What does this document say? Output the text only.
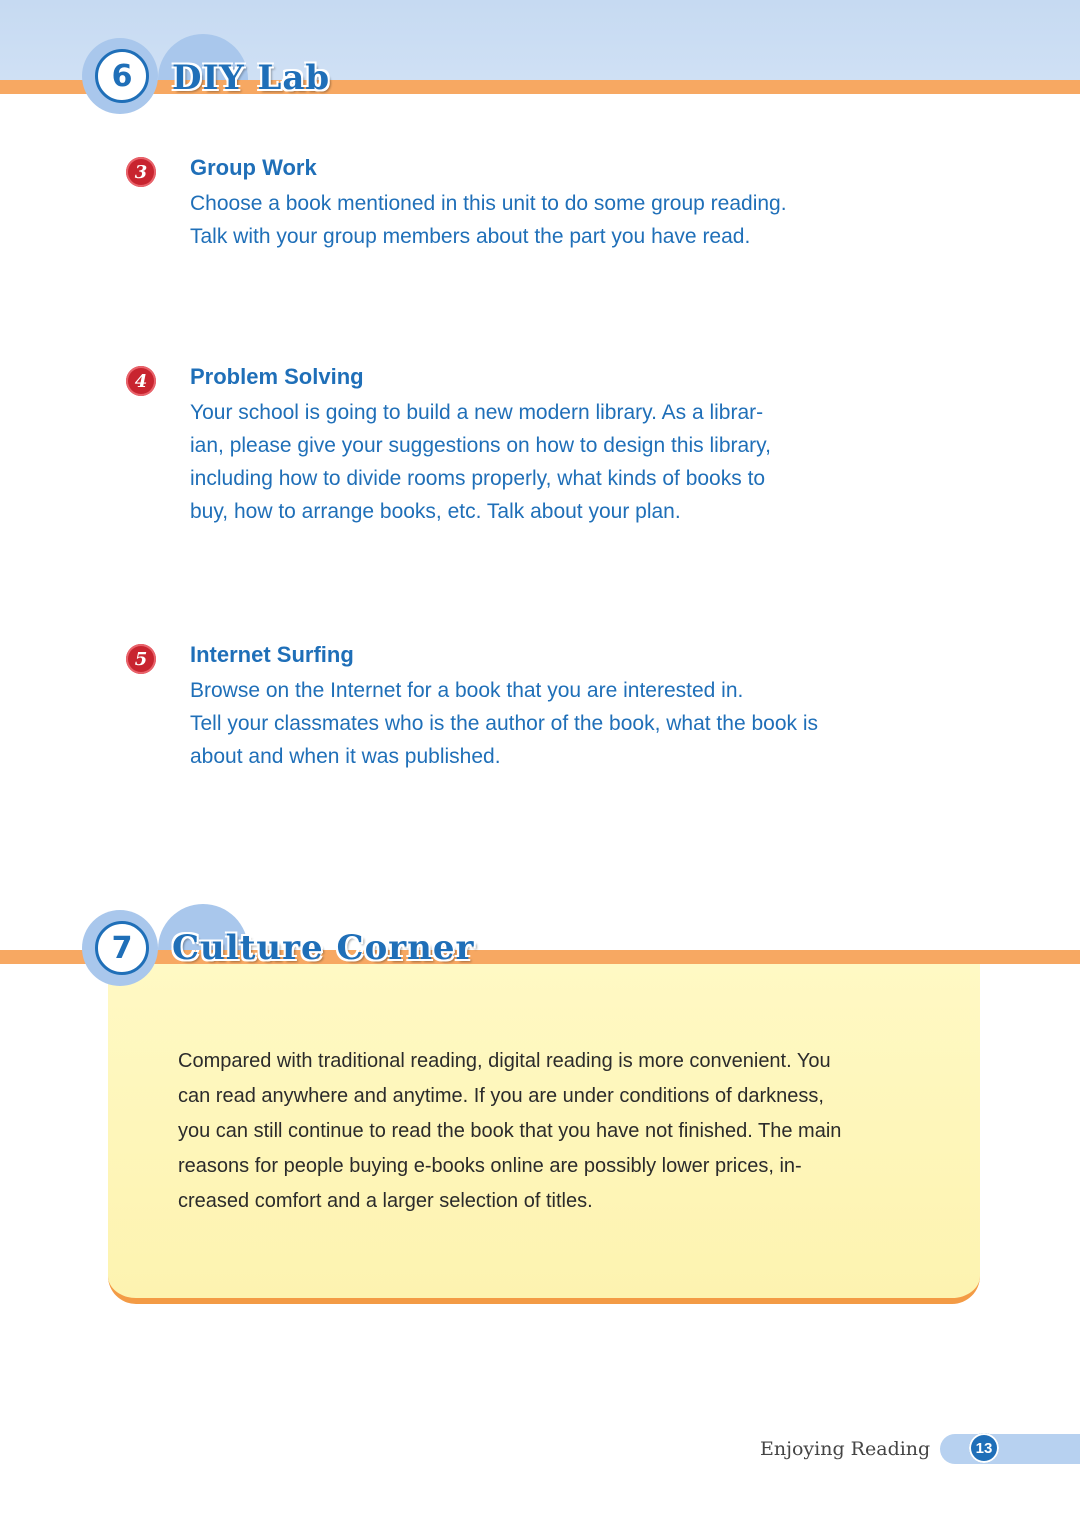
6	DIY Lab
3	Group Work
Choose a book mentioned in this unit to do some group reading.
Talk with your group members about the part you have read.
4	Problem Solving
Your school is going to build a new modern library. As a librar-
ian, please give your suggestions on how to design this library,
including how to divide rooms properly, what kinds of books to
buy, how to arrange books, etc. Talk about your plan.
5	Internet Surfing
Browse on the Internet for a book that you are interested in.
Tell your classmates who is the author of the book, what the book is
about and when it was published.
Compared with traditional reading, digital reading is more convenient. You
can read anywhere and anytime. If you are under conditions of darkness,
you can still continue to read the book that you have not finished. The main
reasons for people buying e-books online are possibly lower prices, in-
creased comfort and a larger selection of titles.
7	Culture Corner
Enjoying Reading	13
